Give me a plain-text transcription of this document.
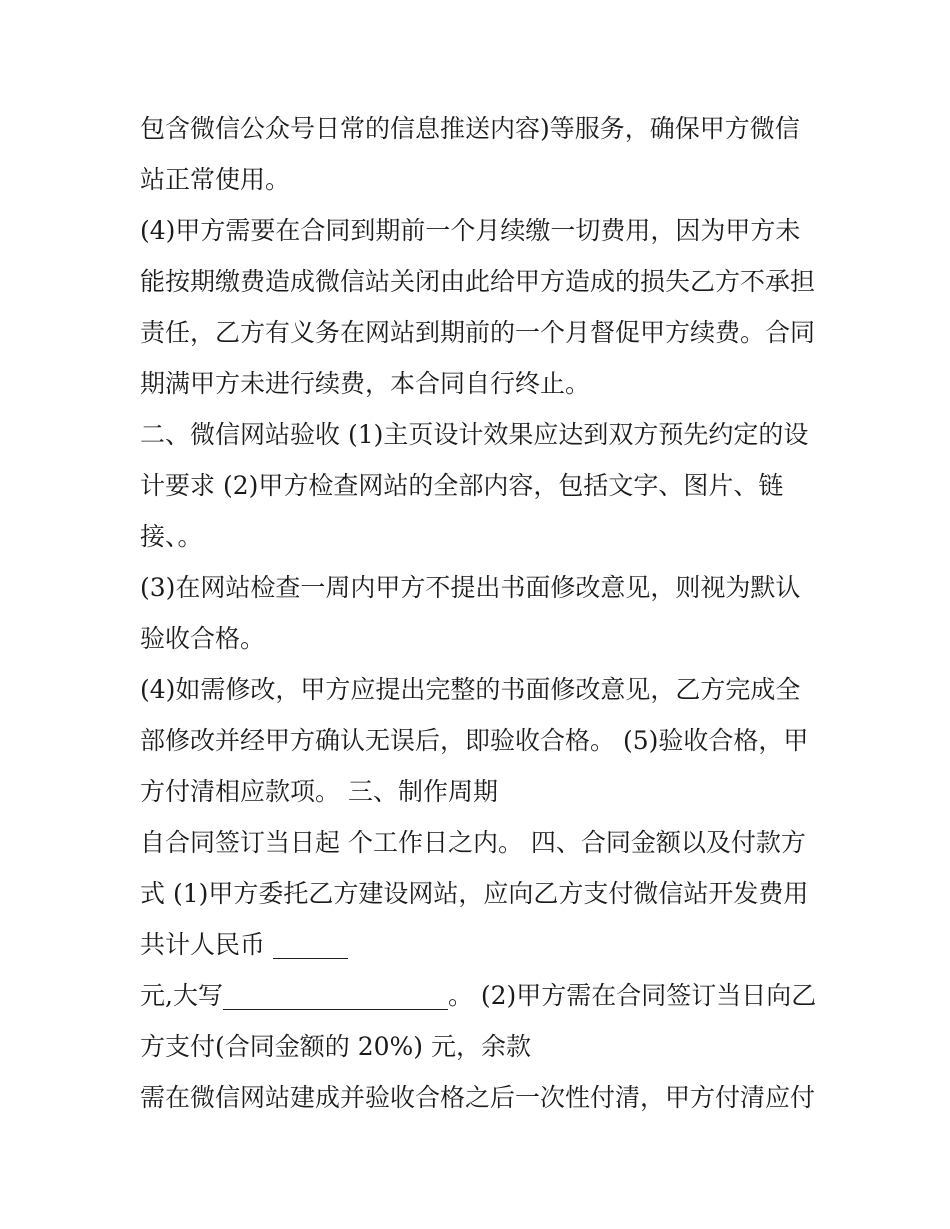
包含微信公众号日常的信息推送内容)等服务，确保甲方微信
站正常使用。
(4)甲方需要在合同到期前一个月续缴一切费用，因为甲方未
能按期缴费造成微信站关闭由此给甲方造成的损失乙方不承担
责任，乙方有义务在网站到期前的一个月督促甲方续费。合同
期满甲方未进行续费，本合同自行终止。
二、微信网站验收 (1)主页设计效果应达到双方预先约定的设
计要求 (2)甲方检查网站的全部内容，包括文字、图片、链
接、。
(3)在网站检查一周内甲方不提出书面修改意见，则视为默认
验收合格。
(4)如需修改，甲方应提出完整的书面修改意见，乙方完成全
部修改并经甲方确认无误后，即验收合格。 (5)验收合格，甲
方付清相应款项。 三、制作周期
自合同签订当日起 个工作日之内。 四、合同金额以及付款方
式 (1)甲方委托乙方建设网站，应向乙方支付微信站开发费用
共计人民币 ______
元,大写__________________。 (2)甲方需在合同签订当日向乙
方支付(合同金额的 20%) 元，余款
需在微信网站建成并验收合格之后一次性付清，甲方付清应付
